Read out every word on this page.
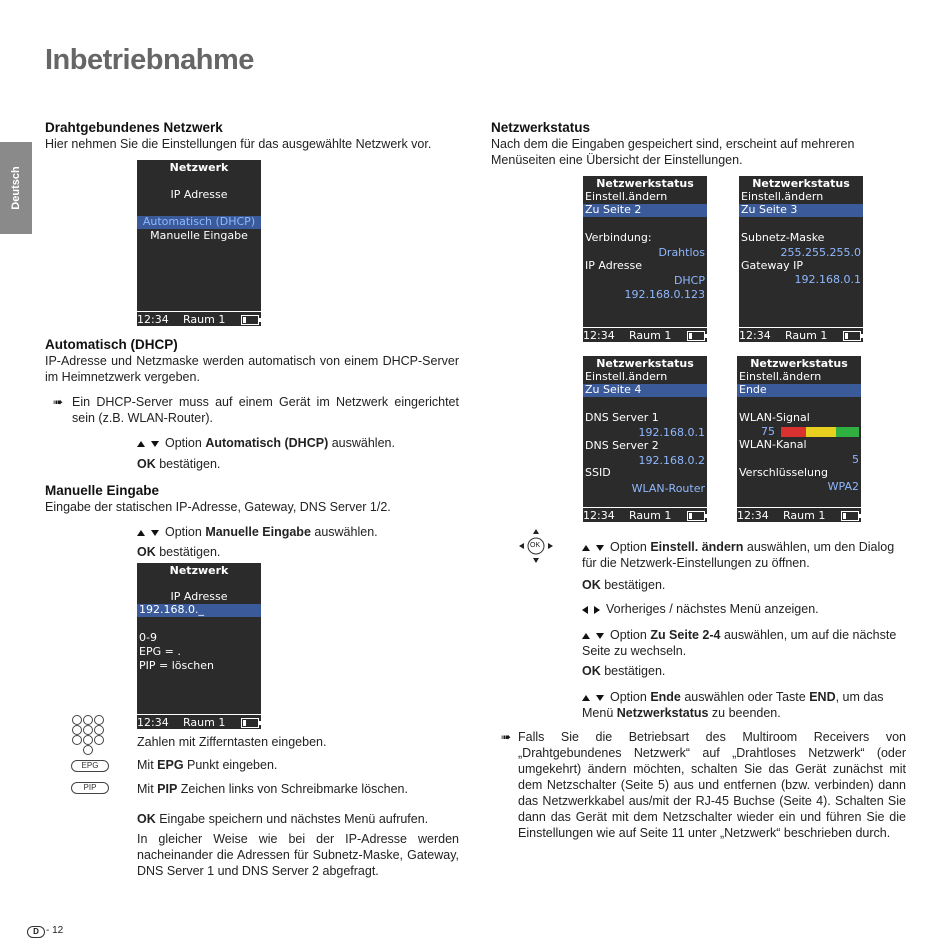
Inbetriebnahme
Deutsch
Drahtgebundenes Netzwerk

Hier nehmen Sie die Einstellungen für das ausgewählte Netzwerk vor.

Netzwerk
IP Adresse
Automatisch (DHCP)
Manuelle Eingabe
12:34 Raum 1
Automatisch (DHCP)

IP-Adresse und Netzmaske werden automatisch von einem DHCP-Server im Heimnetzwerk vergeben.

➠ Ein DHCP-Server muss auf einem Gerät im Netzwerk eingerichtet sein (z.B. WLAN-Router).

Option Automatisch (DHCP) auswählen.

OK bestätigen.

Manuelle Eingabe

Eingabe der statischen IP-Adresse, Gateway, DNS Server 1/2.

Option Manuelle Eingabe auswählen.

OK bestätigen.

Netzwerk
IP Adresse
192.168.0._
0-9
EPG = .
PIP = löschen
12:34 Raum 1

Zahlen mit Zifferntasten eingeben.

EPG	Mit EPG Punkt eingeben.

PIP	Mit PIP Zeichen links von Schreibmarke löschen.

OK Eingabe speichern und nächstes Menü aufrufen.

In gleicher Weise wie bei der IP-Adresse werden nacheinander die Adressen für Subnetz-Maske, Gateway, DNS Server 1 und DNS Server 2 abgefragt.

D - 12
Netzwerkstatus

Nach dem die Eingaben gespeichert sind, erscheint auf mehreren Menüseiten eine Übersicht der Einstellungen.

Netzwerkstatus
Einstell.ändern
Zu Seite 2
Verbindung:
Drahtlos
IP Adresse
DHCP
192.168.0.123
12:34 Raum 1
Netzwerkstatus
Einstell.ändern
Zu Seite 3
Subnetz-Maske
255.255.255.0
Gateway IP
192.168.0.1
12:34 Raum 1
Netzwerkstatus
Einstell.ändern
Zu Seite 4
DNS Server 1
192.168.0.1
DNS Server 2
192.168.0.2
SSID
WLAN-Router
12:34 Raum 1
Netzwerkstatus
Einstell.ändern
Ende
WLAN-Signal
75
WLAN-Kanal
5
Verschlüsselung
WPA2
12:34 Raum 1
OK	Option Einstell. ändern auswählen, um den Dialog für die Netzwerk-Einstellungen zu öffnen.

OK bestätigen.

Vorheriges / nächstes Menü anzeigen.

Option Zu Seite 2-4 auswählen, um auf die nächste Seite zu wechseln.

OK bestätigen.

Option Ende auswählen oder Taste END, um das Menü Netzwerkstatus zu beenden.

➠ Falls Sie die Betriebsart des Multiroom Receivers von „Drahtgebundenes Netzwerk“ auf „Drahtloses Netzwerk“ (oder umgekehrt) ändern möchten, schalten Sie das Gerät zunächst mit dem Netzschalter (Seite 5) aus und entfernen (bzw. verbinden) dann das Netzwerkkabel aus/mit der RJ-45 Buchse (Seite 4). Schalten Sie dann das Gerät mit dem Netzschalter wieder ein und führen Sie die Einstellungen wie auf Seite 11 unter „Netzwerk“ beschrieben durch.
